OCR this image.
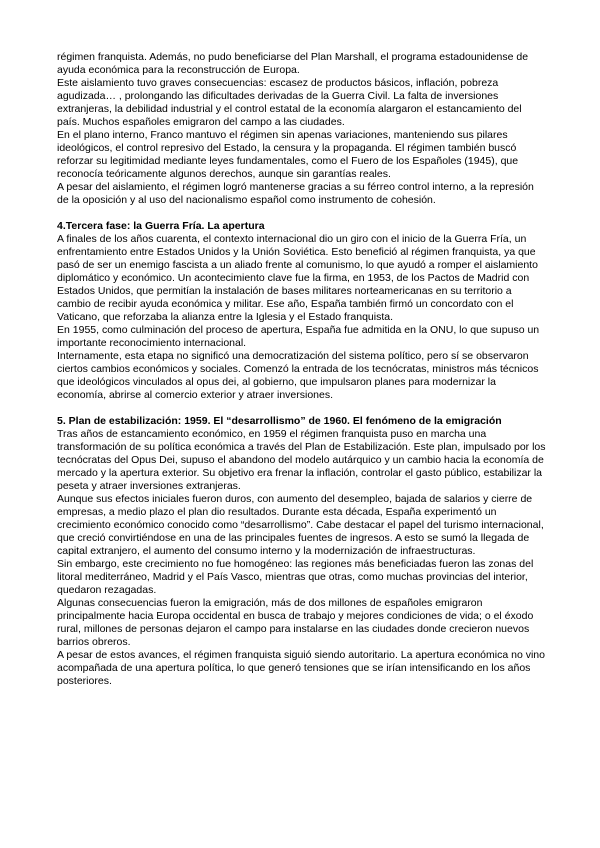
régimen franquista. Además, no pudo beneficiarse del Plan Marshall, el programa estadounidense de ayuda económica para la reconstrucción de Europa.

Este aislamiento tuvo graves consecuencias: escasez de productos básicos, inflación, pobreza agudizada… , prolongando las dificultades derivadas de la Guerra Civil. La falta de inversiones extranjeras, la debilidad industrial y el control estatal de la economía alargaron el estancamiento del país. Muchos españoles emigraron del campo a las ciudades.

En el plano interno, Franco mantuvo el régimen sin apenas variaciones, manteniendo sus pilares ideológicos, el control represivo del Estado, la censura y la propaganda. El régimen también buscó reforzar su legitimidad mediante leyes fundamentales, como el Fuero de los Españoles (1945), que reconocía teóricamente algunos derechos, aunque sin garantías reales.

A pesar del aislamiento, el régimen logró mantenerse gracias a su férreo control interno, a la represión de la oposición y al uso del nacionalismo español como instrumento de cohesión.

4.Tercera fase: la Guerra Fría. La apertura

A finales de los años cuarenta, el contexto internacional dio un giro con el inicio de la Guerra Fría, un enfrentamiento entre Estados Unidos y la Unión Soviética. Esto benefició al régimen franquista, ya que pasó de ser un enemigo fascista a un aliado frente al comunismo, lo que ayudó a romper el aislamiento diplomático y económico. Un acontecimiento clave fue la firma, en 1953, de los Pactos de Madrid con Estados Unidos, que permitían la instalación de bases militares norteamericanas en su territorio a cambio de recibir ayuda económica y militar. Ese año, España también firmó un concordato con el Vaticano, que reforzaba la alianza entre la Iglesia y el Estado franquista.

En 1955, como culminación del proceso de apertura, España fue admitida en la ONU, lo que supuso un importante reconocimiento internacional.

Internamente, esta etapa no significó una democratización del sistema político, pero sí se observaron ciertos cambios económicos y sociales. Comenzó la entrada de los tecnócratas, ministros más técnicos que ideológicos vinculados al opus dei, al gobierno, que impulsaron planes para modernizar la economía, abrirse al comercio exterior y atraer inversiones.

5. Plan de estabilización: 1959. El “desarrollismo” de 1960. El fenómeno de la emigración

Tras años de estancamiento económico, en 1959 el régimen franquista puso en marcha una transformación de su política económica a través del Plan de Estabilización. Este plan, impulsado por los tecnócratas del Opus Dei, supuso el abandono del modelo autárquico y un cambio hacia la economía de mercado y la apertura exterior. Su objetivo era frenar la inflación, controlar el gasto público, estabilizar la peseta y atraer inversiones extranjeras.

Aunque sus efectos iniciales fueron duros, con aumento del desempleo, bajada de salarios y cierre de empresas, a medio plazo el plan dio resultados. Durante esta década, España experimentó un crecimiento económico conocido como “desarrollismo”. Cabe destacar el papel del turismo internacional, que creció convirtiéndose en una de las principales fuentes de ingresos. A esto se sumó la llegada de capital extranjero, el aumento del consumo interno y la modernización de infraestructuras.

Sin embargo, este crecimiento no fue homogéneo: las regiones más beneficiadas fueron las zonas del litoral mediterráneo, Madrid y el País Vasco, mientras que otras, como muchas provincias del interior, quedaron rezagadas.

Algunas consecuencias fueron la emigración, más de dos millones de españoles emigraron principalmente hacia Europa occidental en busca de trabajo y mejores condiciones de vida; o el éxodo rural, millones de personas dejaron el campo para instalarse en las ciudades donde crecieron nuevos barrios obreros.

A pesar de estos avances, el régimen franquista siguió siendo autoritario. La apertura económica no vino acompañada de una apertura política, lo que generó tensiones que se irían intensificando en los años posteriores.
